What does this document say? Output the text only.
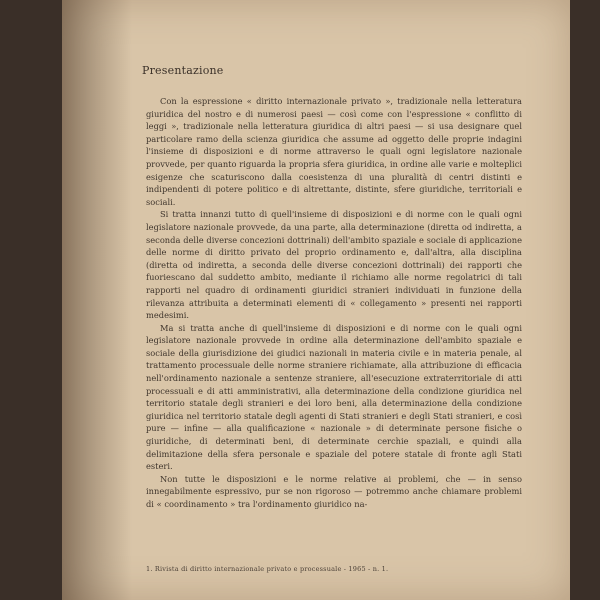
Presentazione

Con la espressione « diritto internazionale privato », tradizionale nella letteratura giuridica del nostro e di numerosi paesi — così come con l'espressione « conflitto di leggi », tradizionale nella letteratura giuridica di altri paesi — si usa designare quel particolare ramo della scienza giuridica che assume ad oggetto delle proprie indagini l'insieme di disposizioni e di norme attraverso le quali ogni legislatore nazionale provvede, per quanto riguarda la propria sfera giuridica, in ordine alle varie e molteplici esigenze che scaturiscono dalla coesistenza di una pluralità di centri distinti e indipendenti di potere politico e di altrettante, distinte, sfere giuridiche, territoriali e sociali.

Si tratta innanzi tutto di quell'insieme di disposizioni e di norme con le quali ogni legislatore nazionale provvede, da una parte, alla determinazione (diretta od indiretta, a seconda delle diverse concezioni dottrinali) dell'ambito spaziale e sociale di applicazione delle norme di diritto privato del proprio ordinamento e, dall'altra, alla disciplina (diretta od indiretta, a seconda delle diverse concezioni dottrinali) dei rapporti che fuoriescano dal suddetto ambito, mediante il richiamo alle norme regolatrici di tali rapporti nel quadro di ordinamenti giuridici stranieri individuati in funzione della rilevanza attribuita a determinati elementi di « collegamento » presenti nei rapporti medesimi.

Ma si tratta anche di quell'insieme di disposizioni e di norme con le quali ogni legislatore nazionale provvede in ordine alla determinazione dell'ambito spaziale e sociale della giurisdizione dei giudici nazionali in materia civile e in materia penale, al trattamento processuale delle norme straniere richiamate, alla attribuzione di efficacia nell'ordinamento nazionale a sentenze straniere, all'esecuzione extraterritoriale di atti processuali e di atti amministrativi, alla determinazione della condizione giuridica nel territorio statale degli stranieri e dei loro beni, alla determinazione della condizione giuridica nel territorio statale degli agenti di Stati stranieri e degli Stati stranieri, e così pure — infine — alla qualificazione « nazionale » di determinate persone fisiche o giuridiche, di determinati beni, di determinate cerchie spaziali, e quindi alla delimitazione della sfera personale e spaziale del potere statale di fronte agli Stati esteri.

Non tutte le disposizioni e le norme relative ai problemi, che — in senso innegabilmente espressivo, pur se non rigoroso — potremmo anche chiamare problemi di « coordinamento » tra l'ordinamento giuridico na-

1. Rivista di diritto internazionale privato e processuale - 1965 - n. 1.
